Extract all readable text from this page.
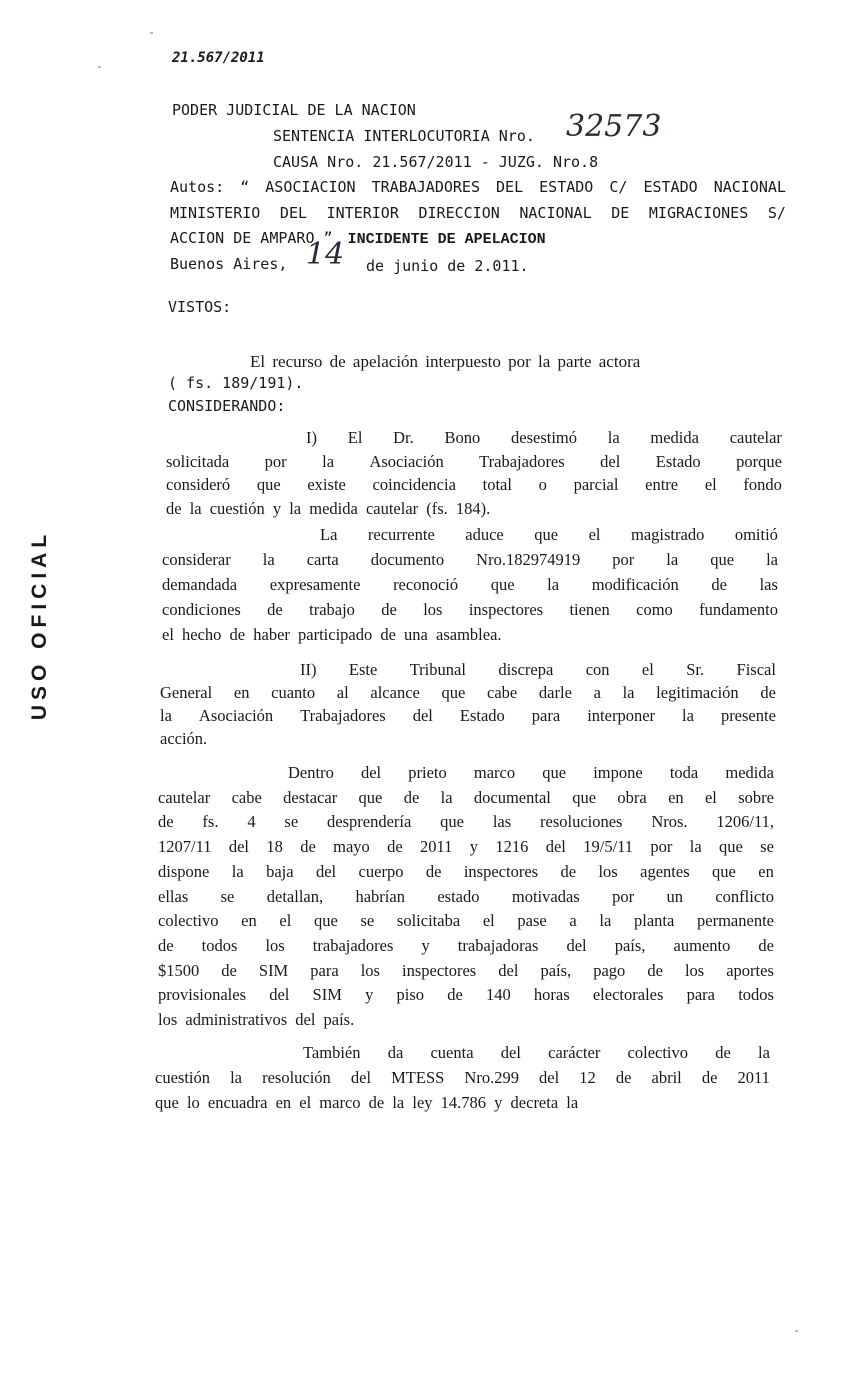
USO OFICIAL
21.567/2011
PODER JUDICIAL DE LA NACION
SENTENCIA INTERLOCUTORIA Nro. 32573
CAUSA Nro. 21.567/2011 - JUZG. Nro.8
Autos: “ ASOCIACION TRABAJADORES DEL ESTADO C/ ESTADO NACIONAL
MINISTERIO DEL INTERIOR DIRECCION NACIONAL DE MIGRACIONES S/
ACCION DE AMPARO ” INCIDENTE DE APELACION
Buenos Aires, 14 de junio de 2.011.
VISTOS:
El recurso de apelación interpuesto por la parte actora
( fs. 189/191).
CONSIDERANDO:
I) El Dr. Bono desestimó la medida cautelar
solicitada por la Asociación Trabajadores del Estado porque
consideró que existe coincidencia total o parcial entre el fondo
de la cuestión y la medida cautelar (fs. 184).
La recurrente aduce que el magistrado omitió
considerar la carta documento Nro.182974919 por la que la
demandada expresamente reconoció que la modificación de las
condiciones de trabajo de los inspectores tienen como fundamento
el hecho de haber participado de una asamblea.
II) Este Tribunal discrepa con el Sr. Fiscal
General en cuanto al alcance que cabe darle a la legitimación de
la Asociación Trabajadores del Estado para interponer la presente
acción.
Dentro del prieto marco que impone toda medida
cautelar cabe destacar que de la documental que obra en el sobre
de fs. 4 se desprendería que las resoluciones Nros. 1206/11,
1207/11 del 18 de mayo de 2011 y 1216 del 19/5/11 por la que se
dispone la baja del cuerpo de inspectores de los agentes que en
ellas se detallan, habrían estado motivadas por un conflicto
colectivo en el que se solicitaba el pase a la planta permanente
de todos los trabajadores y trabajadoras del país, aumento de
$1500 de SIM para los inspectores del país, pago de los aportes
provisionales del SIM y piso de 140 horas electorales para todos
los administrativos del país.
También da cuenta del carácter colectivo de la
cuestión la resolución del MTESS Nro.299 del 12 de abril de 2011
que lo encuadra en el marco de la ley 14.786 y decreta la
